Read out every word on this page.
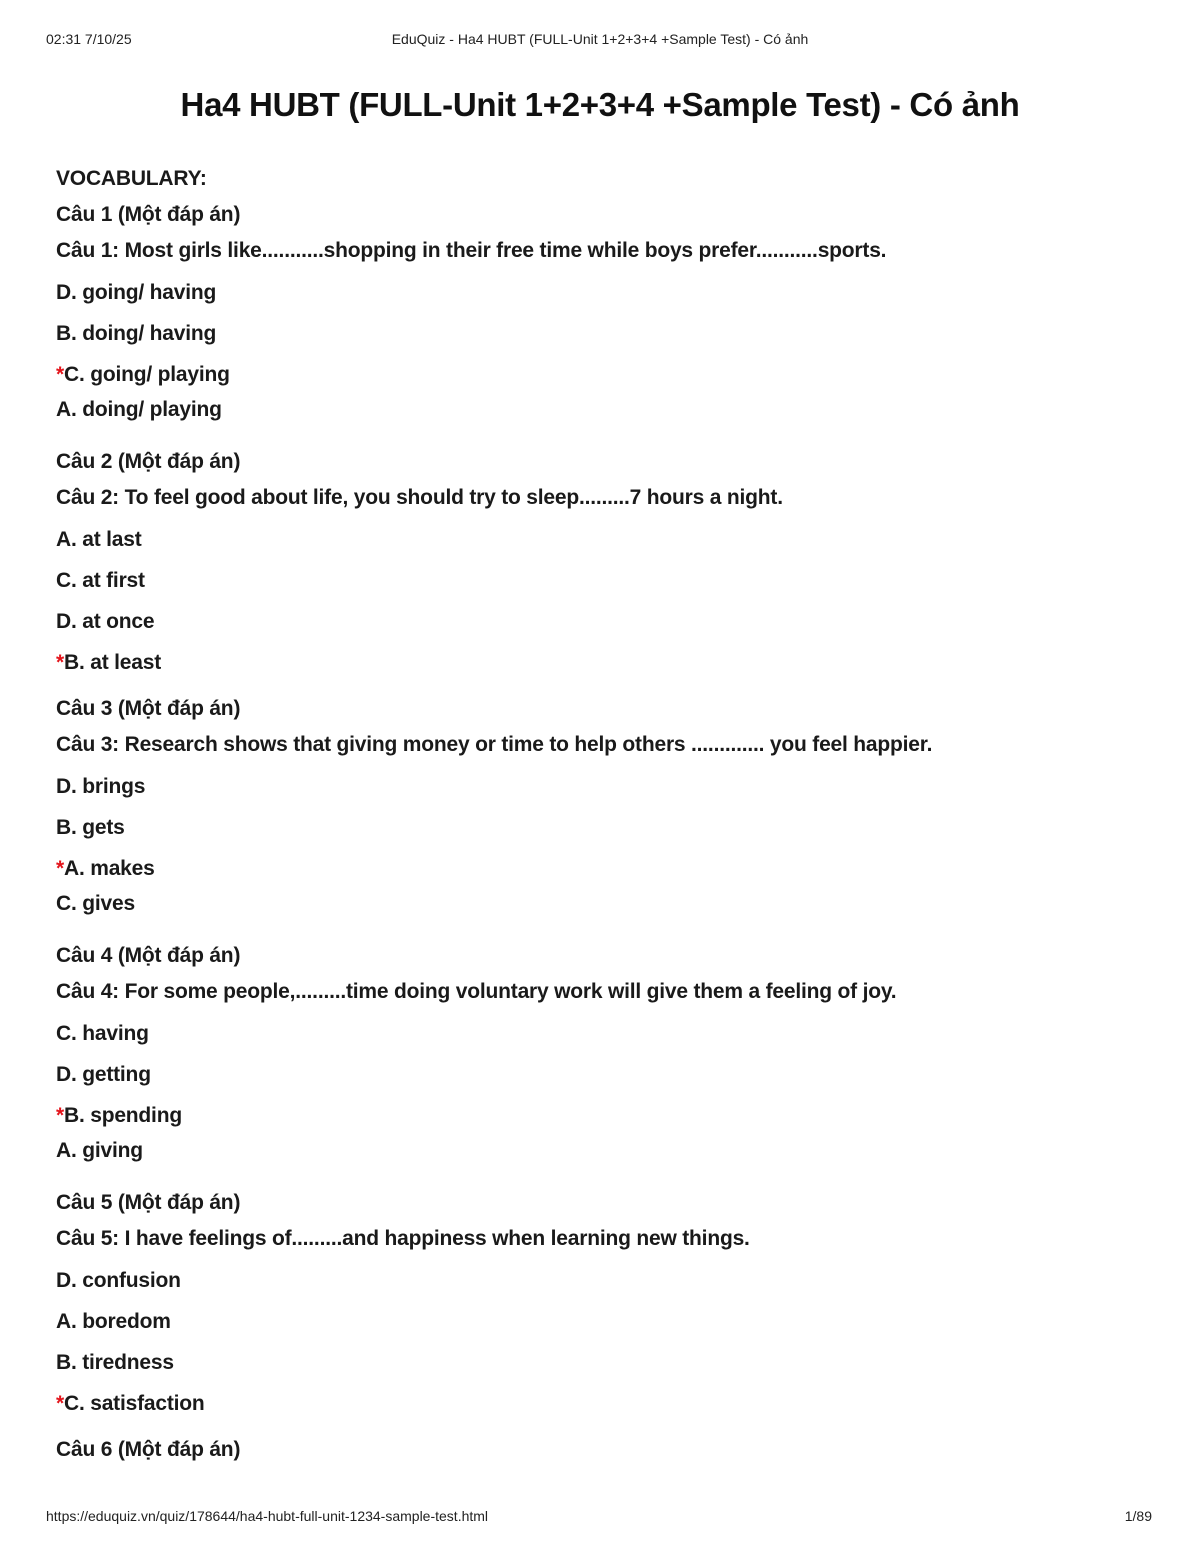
02:31 7/10/25	EduQuiz - Ha4 HUBT (FULL-Unit 1+2+3+4 +Sample Test) - Có ảnh
Ha4 HUBT (FULL-Unit 1+2+3+4 +Sample Test) - Có ảnh
VOCABULARY:
Câu 1 (Một đáp án)
Câu 1: Most girls like...........shopping in their free time while boys prefer...........sports.
D. going/ having
B. doing/ having
*C. going/ playing
A. doing/ playing
Câu 2 (Một đáp án)
Câu 2: To feel good about life, you should try to sleep.........7 hours a night.
A. at last
C. at first
D. at once
*B. at least
Câu 3 (Một đáp án)
Câu 3: Research shows that giving money or time to help others ............. you feel happier.
D. brings
B. gets
*A. makes
C. gives
Câu 4 (Một đáp án)
Câu 4: For some people,.........time doing voluntary work will give them a feeling of joy.
C. having
D. getting
*B. spending
A. giving
Câu 5 (Một đáp án)
Câu 5: I have feelings of.........and happiness when learning new things.
D. confusion
A. boredom
B. tiredness
*C. satisfaction
Câu 6 (Một đáp án)
https://eduquiz.vn/quiz/178644/ha4-hubt-full-unit-1234-sample-test.html	1/89
